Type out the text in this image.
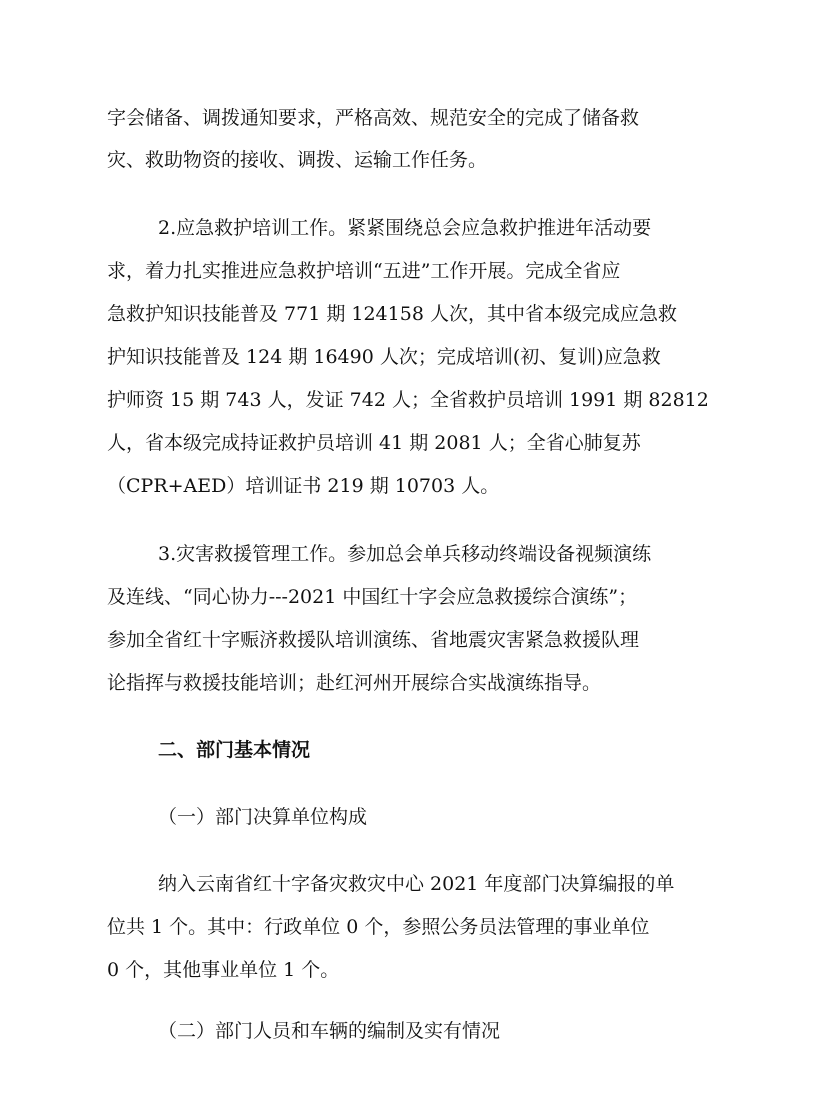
字会储备、调拨通知要求，严格高效、规范安全的完成了储备救

灾、救助物资的接收、调拨、运输工作任务。

2.应急救护培训工作。紧紧围绕总会应急救护推进年活动要

求，着力扎实推进应急救护培训“五进”工作开展。完成全省应

急救护知识技能普及 771 期 124158 人次，其中省本级完成应急救

护知识技能普及 124 期 16490 人次；完成培训(初、复训)应急救

护师资 15 期 743 人，发证 742 人；全省救护员培训 1991 期 82812

人，省本级完成持证救护员培训 41 期 2081 人；全省心肺复苏

（CPR+AED）培训证书 219 期 10703 人。

3.灾害救援管理工作。参加总会单兵移动终端设备视频演练

及连线、“同心协力---2021 中国红十字会应急救援综合演练”；

参加全省红十字赈济救援队培训演练、省地震灾害紧急救援队理

论指挥与救援技能培训；赴红河州开展综合实战演练指导。

二、部门基本情况

（一）部门决算单位构成

纳入云南省红十字备灾救灾中心 2021 年度部门决算编报的单

位共 1 个。其中：行政单位 0 个，参照公务员法管理的事业单位

0 个，其他事业单位 1 个。

（二）部门人员和车辆的编制及实有情况
